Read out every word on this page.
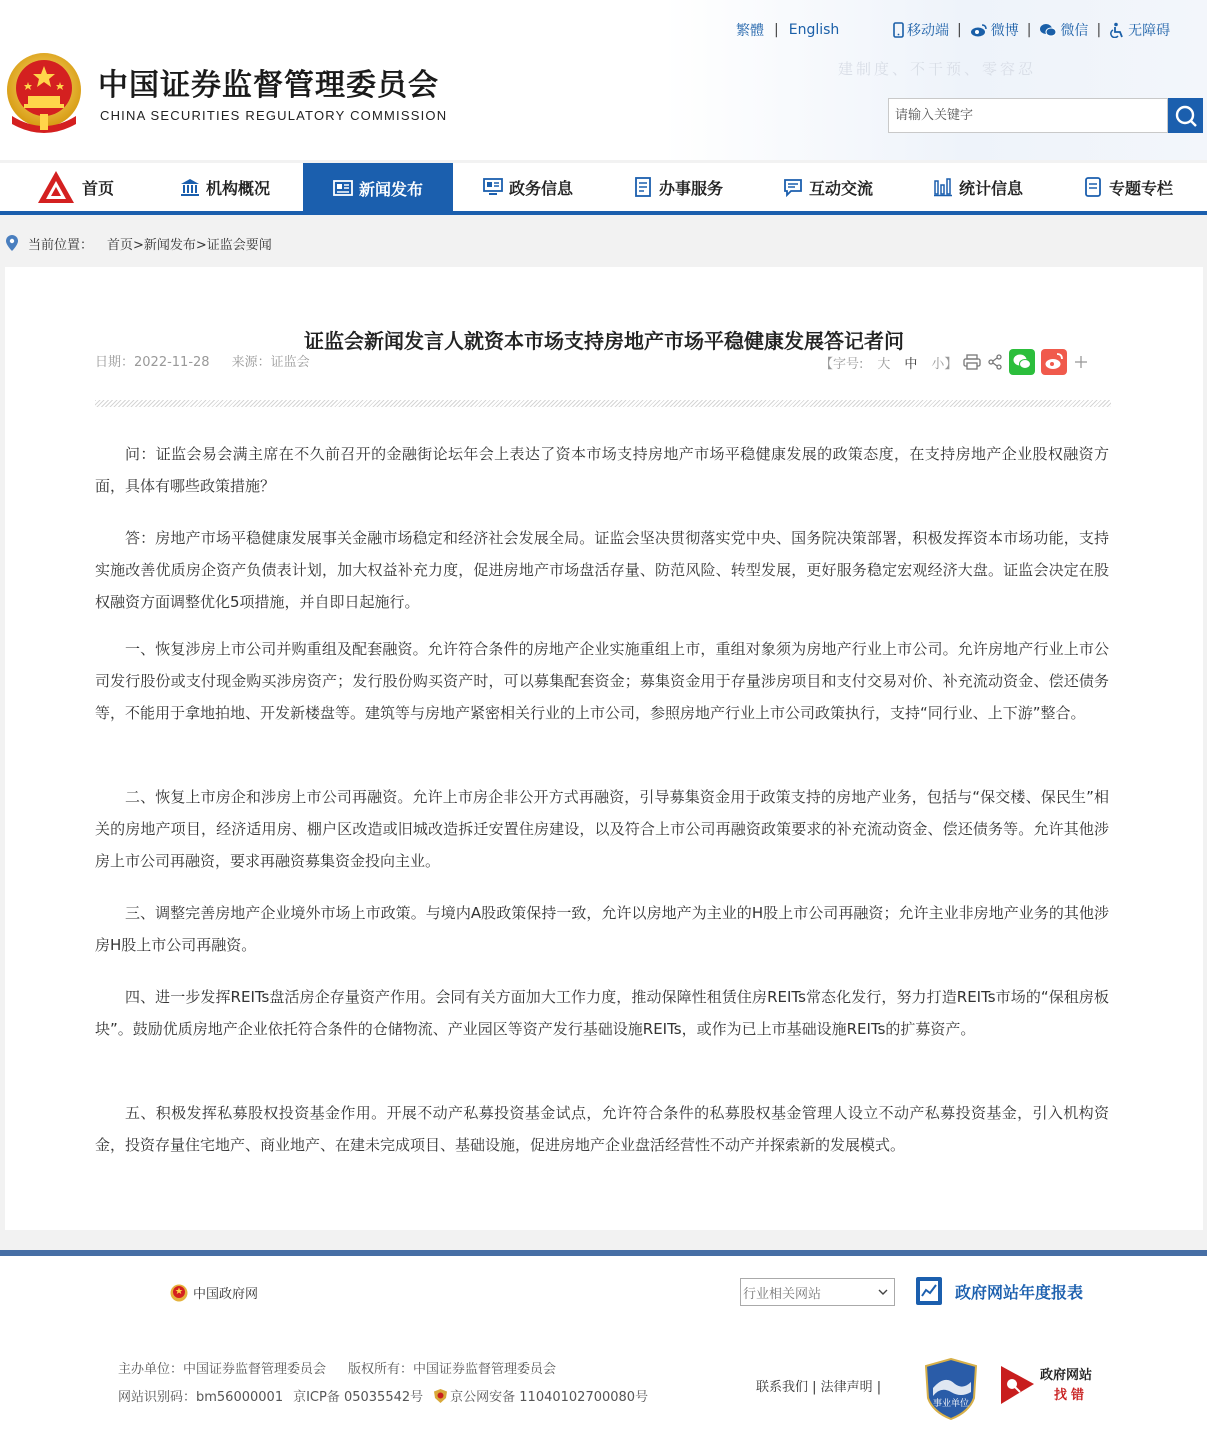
中国证券监督管理委员会
CHINA SECURITIES REGULATORY COMMISSION
建制度、不干预、零容忍
繁體 | English	移动端 | 微博 | 微信 | 无障碍
请输入关键字
首页	机构概况	新闻发布	政务信息	办事服务	互动交流	统计信息	专题专栏
当前位置： 首页>新闻发布>证监会要闻
证监会新闻发言人就资本市场支持房地产市场平稳健康发展答记者问
日期：2022-11-28 来源：证监会	【字号: 大 中 小】

问：证监会易会满主席在不久前召开的金融街论坛年会上表达了资本市场支持房地产市场平稳健康发展的政策态度，在支持房地产企业股权融资方面，具体有哪些政策措施？

答：房地产市场平稳健康发展事关金融市场稳定和经济社会发展全局。证监会坚决贯彻落实党中央、国务院决策部署，积极发挥资本市场功能，支持实施改善优质房企资产负债表计划，加大权益补充力度，促进房地产市场盘活存量、防范风险、转型发展，更好服务稳定宏观经济大盘。证监会决定在股权融资方面调整优化5项措施，并自即日起施行。

一、恢复涉房上市公司并购重组及配套融资。允许符合条件的房地产企业实施重组上市，重组对象须为房地产行业上市公司。允许房地产行业上市公司发行股份或支付现金购买涉房资产；发行股份购买资产时，可以募集配套资金；募集资金用于存量涉房项目和支付交易对价、补充流动资金、偿还债务等，不能用于拿地拍地、开发新楼盘等。建筑等与房地产紧密相关行业的上市公司，参照房地产行业上市公司政策执行，支持“同行业、上下游”整合。

二、恢复上市房企和涉房上市公司再融资。允许上市房企非公开方式再融资，引导募集资金用于政策支持的房地产业务，包括与“保交楼、保民生”相关的房地产项目，经济适用房、棚户区改造或旧城改造拆迁安置住房建设，以及符合上市公司再融资政策要求的补充流动资金、偿还债务等。允许其他涉房上市公司再融资，要求再融资募集资金投向主业。

三、调整完善房地产企业境外市场上市政策。与境内A股政策保持一致，允许以房地产为主业的H股上市公司再融资；允许主业非房地产业务的其他涉房H股上市公司再融资。

四、进一步发挥REITs盘活房企存量资产作用。会同有关方面加大工作力度，推动保障性租赁住房REITs常态化发行，努力打造REITs市场的“保租房板块”。鼓励优质房地产企业依托符合条件的仓储物流、产业园区等资产发行基础设施REITs，或作为已上市基础设施REITs的扩募资产。

五、积极发挥私募股权投资基金作用。开展不动产私募投资基金试点，允许符合条件的私募股权基金管理人设立不动产私募投资基金，引入机构资金，投资存量住宅地产、商业地产、在建未完成项目、基础设施，促进房地产企业盘活经营性不动产并探索新的发展模式。

中国政府网	行业相关网站	政府网站年度报表
主办单位：中国证券监督管理委员会 版权所有：中国证券监督管理委员会
网站识别码：bm56000001 京ICP备 05035542号 京公网安备 11040102700080号
联系我们 | 法律声明 |
事业单位
政府网站
找错
